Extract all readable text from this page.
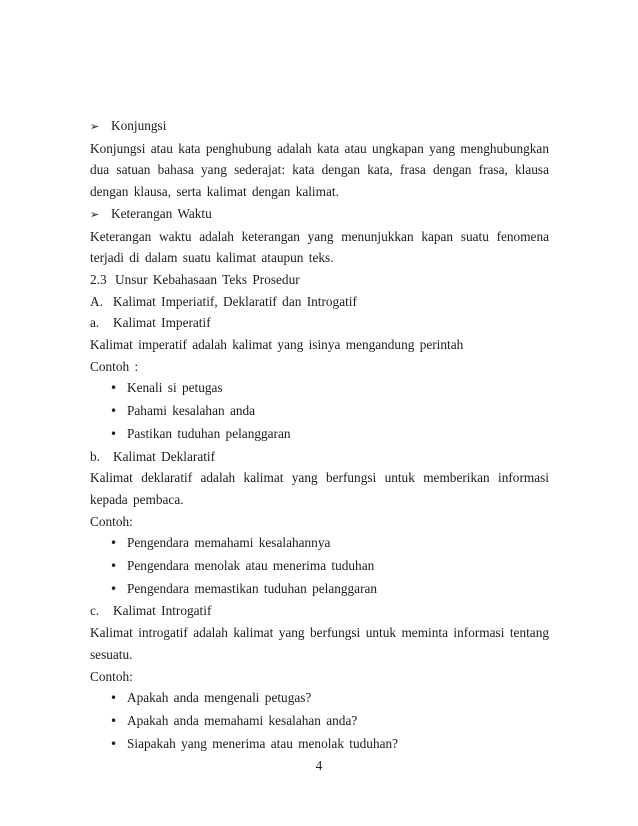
➢ Konjungsi
Konjungsi atau kata penghubung adalah kata atau ungkapan yang menghubungkan dua satuan bahasa yang sederajat: kata dengan kata, frasa dengan frasa, klausa dengan klausa, serta kalimat dengan kalimat.
➢ Keterangan Waktu
Keterangan waktu adalah keterangan yang menunjukkan kapan suatu fenomena terjadi di dalam suatu kalimat ataupun teks.
2.3 Unsur Kebahasaan Teks Prosedur
A. Kalimat Imperiatif, Deklaratif dan Introgatif
a. Kalimat Imperatif
Kalimat imperatif adalah kalimat yang isinya mengandung perintah
Contoh :
• Kenali si petugas
• Pahami kesalahan anda
• Pastikan tuduhan pelanggaran
b. Kalimat Deklaratif
Kalimat deklaratif adalah kalimat yang berfungsi untuk memberikan informasi kepada pembaca.
Contoh:
• Pengendara memahami kesalahannya
• Pengendara menolak atau menerima tuduhan
• Pengendara memastikan tuduhan pelanggaran
c. Kalimat Introgatif
Kalimat introgatif adalah kalimat yang berfungsi untuk meminta informasi tentang sesuatu.
Contoh:
• Apakah anda mengenali petugas?
• Apakah anda memahami kesalahan anda?
• Siapakah yang menerima atau menolak tuduhan?
4
